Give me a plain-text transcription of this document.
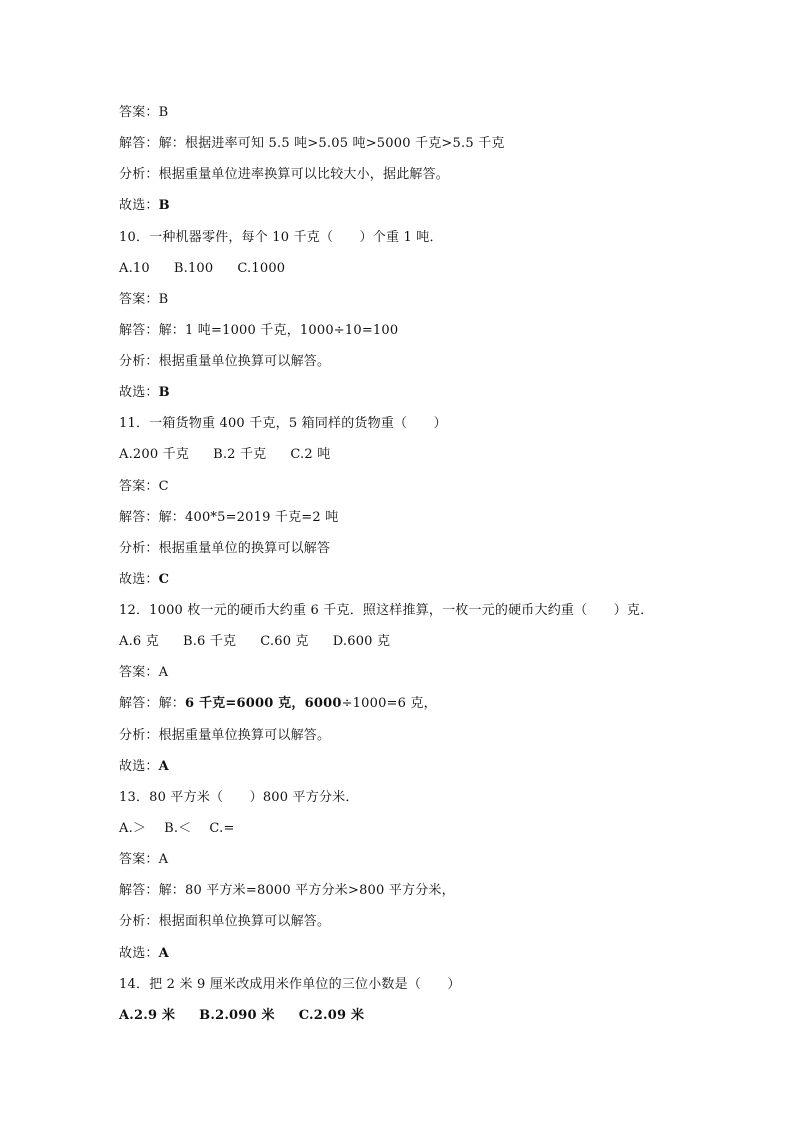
答案：B
解答：解：根据进率可知 5.5 吨>5.05 吨>5000 千克>5.5 千克
分析：根据重量单位进率换算可以比较大小，据此解答。
故选：B
10．一种机器零件，每个 10 千克（　　）个重 1 吨．
A.10 B.100 C.1000
答案：B
解答：解：1 吨=1000 千克，1000÷10=100
分析：根据重量单位换算可以解答。
故选：B
11．一箱货物重 400 千克，5 箱同样的货物重（　　）
A.200 千克 B.2 千克 C.2 吨
答案：C
解答：解：400*5=2019 千克=2 吨
分析：根据重量单位的换算可以解答
故选：C
12．1000 枚一元的硬币大约重 6 千克．照这样推算，一枚一元的硬币大约重（　　）克．
A.6 克 B.6 千克 C.60 克 D.600 克
答案：A
解答：解：6 千克=6000 克，6000÷1000=6 克，
分析：根据重量单位换算可以解答。
故选：A
13．80 平方米（　　）800 平方分米．
A.＞ B.＜ C.=
答案：A
解答：解：80 平方米=8000 平方分米>800 平方分米，
分析：根据面积单位换算可以解答。
故选：A
14．把 2 米 9 厘米改成用米作单位的三位小数是（　　）
A.2.9 米 B.2.090 米 C.2.09 米
